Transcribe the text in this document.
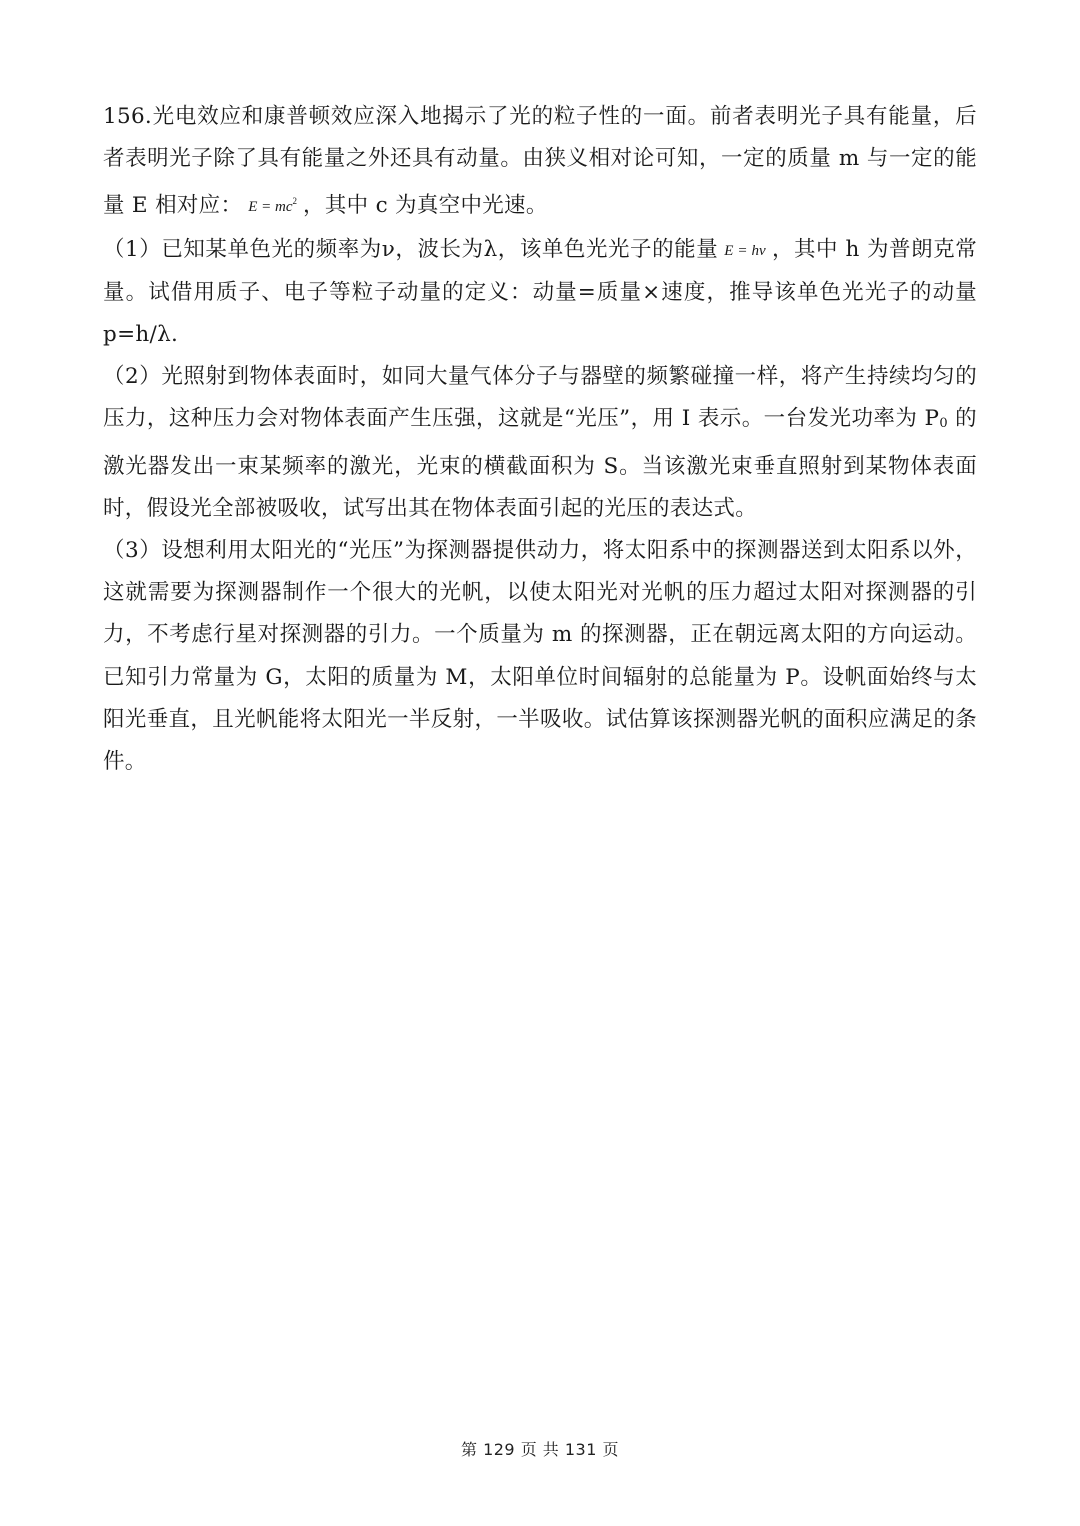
156.光电效应和康普顿效应深入地揭示了光的粒子性的一面。前者表明光子具有能量，后者表明光子除了具有能量之外还具有动量。由狭义相对论可知，一定的质量 m 与一定的能量 E 相对应： $E = mc^2$ ，其中 c 为真空中光速。

（1）已知某单色光的频率为ν，波长为λ，该单色光光子的能量 E = hν ，其中 h 为普朗克常量。试借用质子、电子等粒子动量的定义：动量=质量×速度，推导该单色光光子的动量 p=h/λ.

（2）光照射到物体表面时，如同大量气体分子与器壁的频繁碰撞一样，将产生持续均匀的压力，这种压力会对物体表面产生压强，这就是“光压”，用 I 表示。一台发光功率为 P0 的激光器发出一束某频率的激光，光束的横截面积为 S。当该激光束垂直照射到某物体表面时，假设光全部被吸收，试写出其在物体表面引起的光压的表达式。

（3）设想利用太阳光的“光压”为探测器提供动力，将太阳系中的探测器送到太阳系以外，这就需要为探测器制作一个很大的光帆，以使太阳光对光帆的压力超过太阳对探测器的引力，不考虑行星对探测器的引力。一个质量为 m 的探测器，正在朝远离太阳的方向运动。已知引力常量为 G，太阳的质量为 M，太阳单位时间辐射的总能量为 P。设帆面始终与太阳光垂直，且光帆能将太阳光一半反射，一半吸收。试估算该探测器光帆的面积应满足的条件。

第 129 页 共 131 页
